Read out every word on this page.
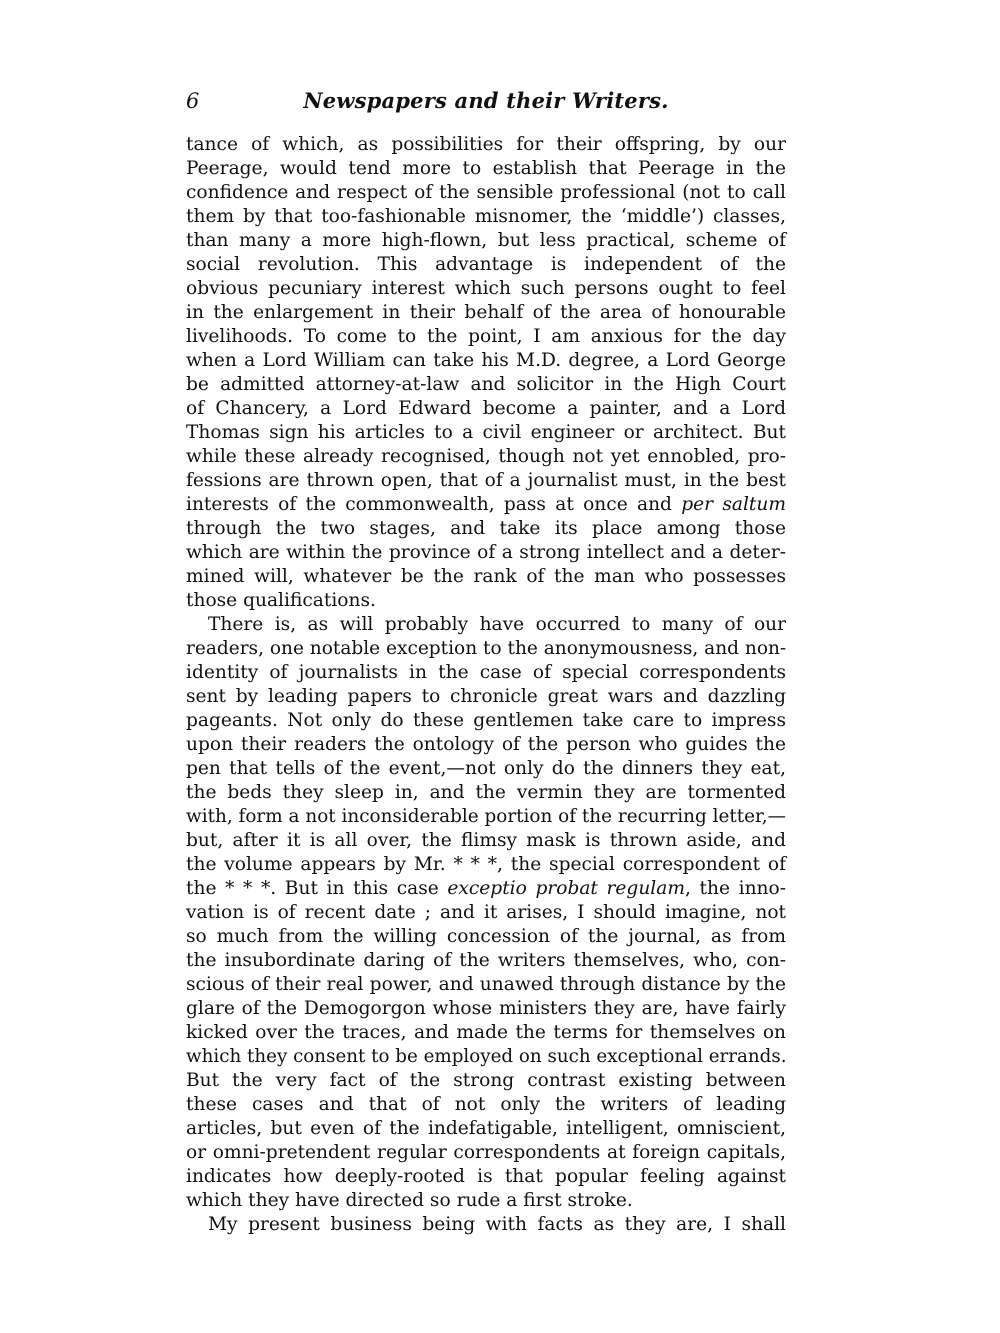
6	Newspapers and their Writers.
tance of which, as possibilities for their offspring, by our
Peerage, would tend more to establish that Peerage in the
confidence and respect of the sensible professional (not to call
them by that too-fashionable misnomer, the ‘middle’) classes,
than many a more high-flown, but less practical, scheme of
social revolution. This advantage is independent of the
obvious pecuniary interest which such persons ought to feel
in the enlargement in their behalf of the area of honourable
livelihoods. To come to the point, I am anxious for the day
when a Lord William can take his M.D. degree, a Lord George
be admitted attorney-at-law and solicitor in the High Court
of Chancery, a Lord Edward become a painter, and a Lord
Thomas sign his articles to a civil engineer or architect. But
while these already recognised, though not yet ennobled, pro-
fessions are thrown open, that of a journalist must, in the best
interests of the commonwealth, pass at once and per saltum
through the two stages, and take its place among those
which are within the province of a strong intellect and a deter-
mined will, whatever be the rank of the man who possesses
those qualifications.
There is, as will probably have occurred to many of our
readers, one notable exception to the anonymousness, and non-
identity of journalists in the case of special correspondents
sent by leading papers to chronicle great wars and dazzling
pageants. Not only do these gentlemen take care to impress
upon their readers the ontology of the person who guides the
pen that tells of the event,—not only do the dinners they eat,
the beds they sleep in, and the vermin they are tormented
with, form a not inconsiderable portion of the recurring letter,—
but, after it is all over, the flimsy mask is thrown aside, and
the volume appears by Mr. * * *, the special correspondent of
the * * *. But in this case exceptio probat regulam, the inno-
vation is of recent date ; and it arises, I should imagine, not
so much from the willing concession of the journal, as from
the insubordinate daring of the writers themselves, who, con-
scious of their real power, and unawed through distance by the
glare of the Demogorgon whose ministers they are, have fairly
kicked over the traces, and made the terms for themselves on
which they consent to be employed on such exceptional errands.
But the very fact of the strong contrast existing between
these cases and that of not only the writers of leading
articles, but even of the indefatigable, intelligent, omniscient,
or omni-pretendent regular correspondents at foreign capitals,
indicates how deeply-rooted is that popular feeling against
which they have directed so rude a first stroke.
My present business being with facts as they are, I shall
